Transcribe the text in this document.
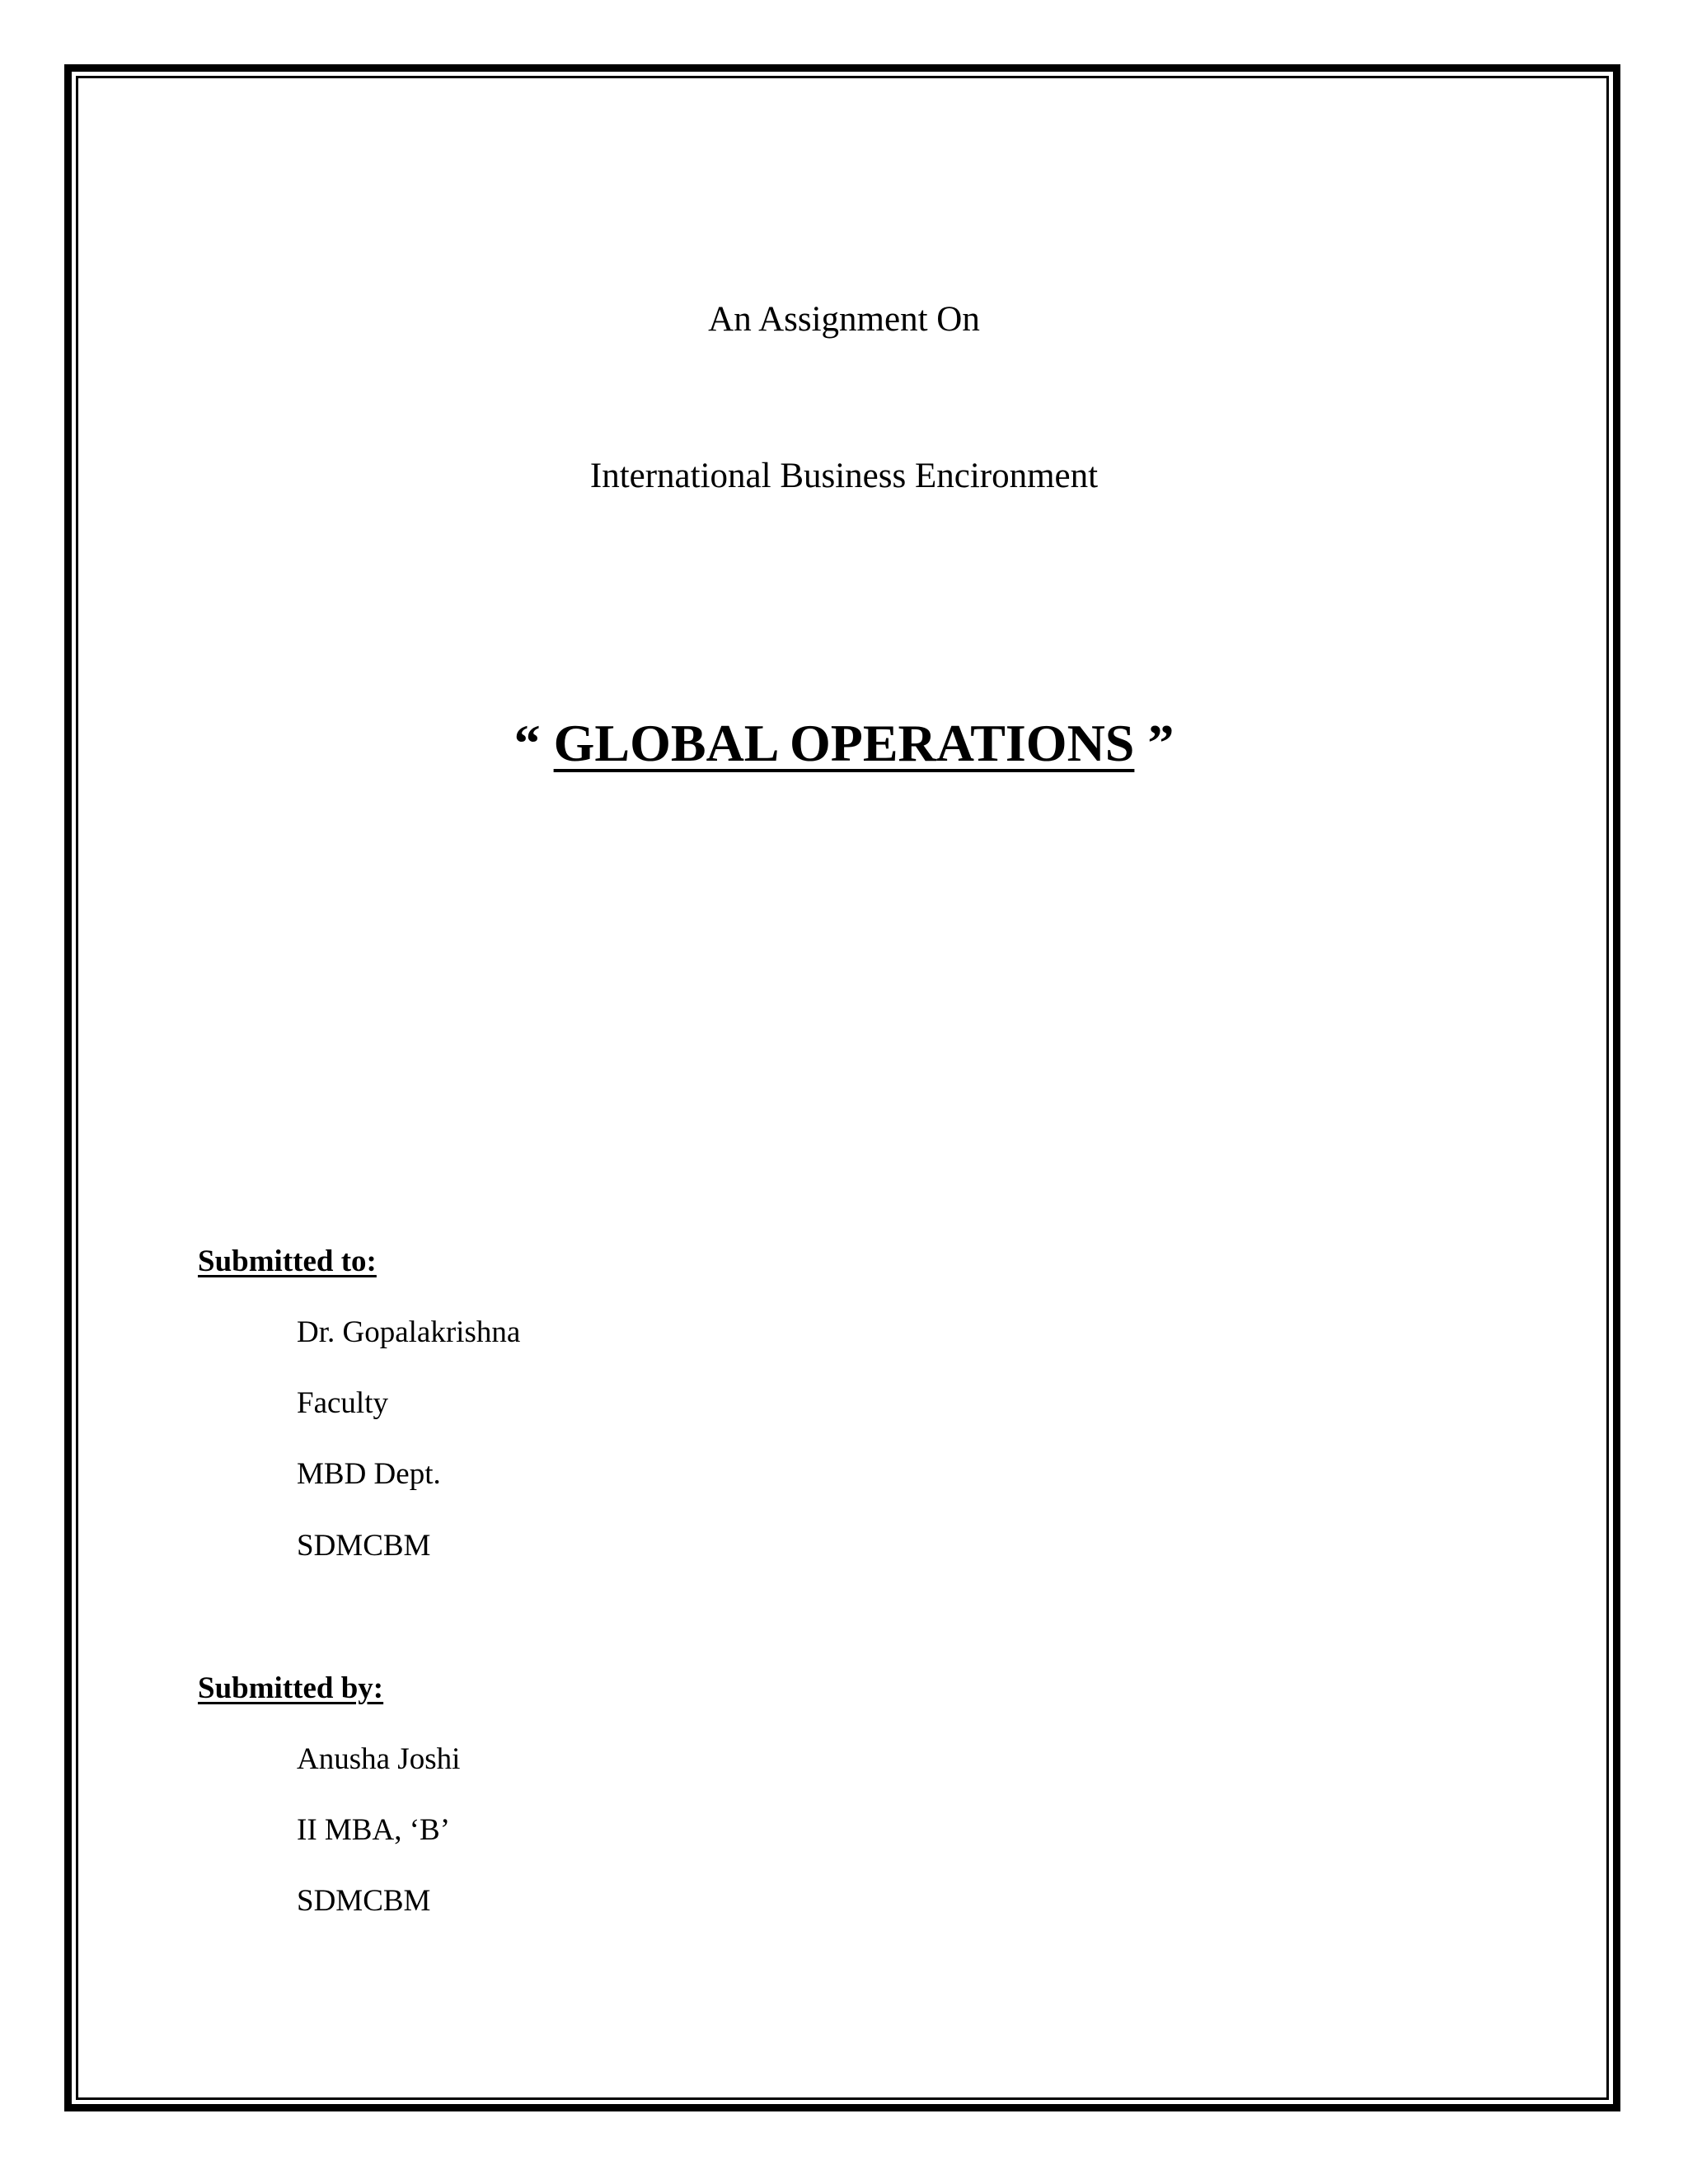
An Assignment On
International Business Encironment
“ GLOBAL OPERATIONS ”
Submitted to:
Dr. Gopalakrishna
Faculty
MBD Dept.
SDMCBM
Submitted by:
Anusha Joshi
II MBA, ‘B’
SDMCBM
